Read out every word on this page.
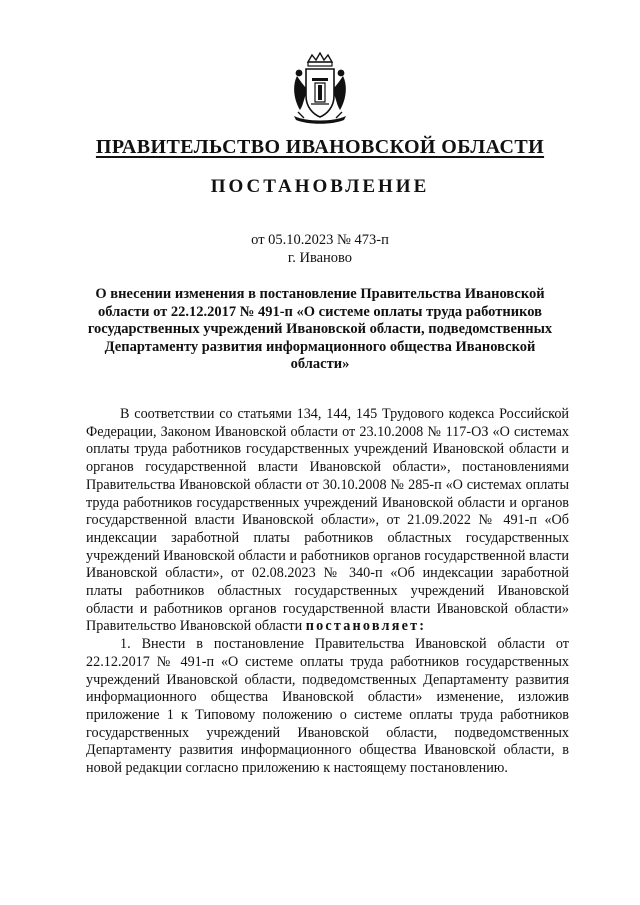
ПРАВИТЕЛЬСТВО ИВАНОВСКОЙ ОБЛАСТИ
ПОСТАНОВЛЕНИЕ
от 05.10.2023 № 473-п
г. Иваново
О внесении изменения в постановление Правительства Ивановской области от 22.12.2017 № 491-п «О системе оплаты труда работников государственных учреждений Ивановской области, подведомственных Департаменту развития информационного общества Ивановской области»

В соответствии со статьями 134, 144, 145 Трудового кодекса Российской Федерации, Законом Ивановской области от 23.10.2008 № 117-ОЗ «О системах оплаты труда работников государственных учреждений Ивановской области и органов государственной власти Ивановской области», постановлениями Правительства Ивановской области от 30.10.2008 № 285-п «О системах оплаты труда работников государственных учреждений Ивановской области и органов государственной власти Ивановской области», от 21.09.2022 № 491-п «Об индексации заработной платы работников областных государственных учреждений Ивановской области и работников органов государственной власти Ивановской области», от 02.08.2023 № 340-п «Об индексации заработной платы работников областных государственных учреждений Ивановской области и работников органов государственной власти Ивановской области» Правительство Ивановской области постановляет:

1. Внести в постановление Правительства Ивановской области от 22.12.2017 № 491-п «О системе оплаты труда работников государственных учреждений Ивановской области, подведомственных Департаменту развития информационного общества Ивановской области» изменение, изложив приложение 1 к Типовому положению о системе оплаты труда работников государственных учреждений Ивановской области, подведомственных Департаменту развития информационного общества Ивановской области, в новой редакции согласно приложению к настоящему постановлению.
